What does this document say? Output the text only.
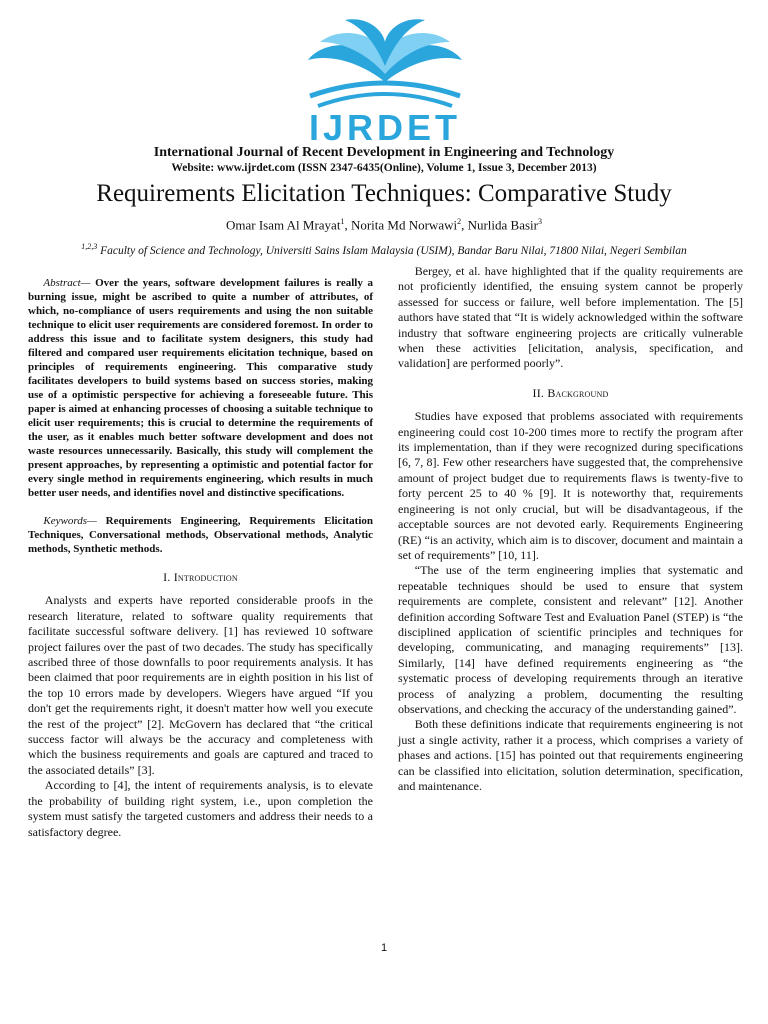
IJRDET
International Journal of Recent Development in Engineering and Technology
Website: www.ijrdet.com (ISSN 2347-6435(Online), Volume 1, Issue 3, December 2013)
Requirements Elicitation Techniques: Comparative Study
Omar Isam Al Mrayat$^1$, Norita Md Norwawi$^2$, Nurlida Basir$^3$
$^{1,2,3}$ Faculty of Science and Technology, Universiti Sains Islam Malaysia (USIM), Bandar Baru Nilai, 71800 Nilai, Negeri Sembilan

Abstract— Over the years, software development failures is really a burning issue, might be ascribed to quite a number of attributes, of which, no-compliance of users requirements and using the non suitable technique to elicit user requirements are considered foremost. In order to address this issue and to facilitate system designers, this study had filtered and compared user requirements elicitation technique, based on principles of requirements engineering. This comparative study facilitates developers to build systems based on success stories, making use of a optimistic perspective for achieving a foreseeable future. This paper is aimed at enhancing processes of choosing a suitable technique to elicit user requirements; this is crucial to determine the requirements of the user, as it enables much better software development and does not waste resources unnecessarily. Basically, this study will complement the present approaches, by representing a optimistic and potential factor for every single method in requirements engineering, which results in much better user needs, and identifies novel and distinctive specifications.

Keywords— Requirements Engineering, Requirements Elicitation Techniques, Conversational methods, Observational methods, Analytic methods, Synthetic methods.

I. Introduction

Analysts and experts have reported considerable proofs in the research literature, related to software quality requirements that facilitate successful software delivery. [1] has reviewed 10 software project failures over the past of two decades. The study has specifically ascribed three of those downfalls to poor requirements analysis. It has been claimed that poor requirements are in eighth position in his list of the top 10 errors made by developers. Wiegers have argued “If you don't get the requirements right, it doesn't matter how well you execute the rest of the project” [2]. McGovern has declared that “the critical success factor will always be the accuracy and completeness with which the business requirements and goals are captured and traced to the associated details” [3].

According to [4], the intent of requirements analysis, is to elevate the probability of building right system, i.e., upon completion the system must satisfy the targeted customers and address their needs to a satisfactory degree.

Bergey, et al. have highlighted that if the quality requirements are not proficiently identified, the ensuing system cannot be properly assessed for success or failure, well before implementation. The [5] authors have stated that “It is widely acknowledged within the software industry that software engineering projects are critically vulnerable when these activities [elicitation, analysis, specification, and validation] are performed poorly”.

II. Background

Studies have exposed that problems associated with requirements engineering could cost 10-200 times more to rectify the program after its implementation, than if they were recognized during specifications [6, 7, 8]. Few other researchers have suggested that, the comprehensive amount of project budget due to requirements flaws is twenty-five to forty percent 25 to 40 % [9]. It is noteworthy that, requirements engineering is not only crucial, but will be disadvantageous, if the acceptable sources are not devoted early. Requirements Engineering (RE) “is an activity, which aim is to discover, document and maintain a set of requirements” [10, 11].

“The use of the term engineering implies that systematic and repeatable techniques should be used to ensure that system requirements are complete, consistent and relevant” [12]. Another definition according Software Test and Evaluation Panel (STEP) is “the disciplined application of scientific principles and techniques for developing, communicating, and managing requirements” [13]. Similarly, [14] have defined requirements engineering as “the systematic process of developing requirements through an iterative process of analyzing a problem, documenting the resulting observations, and checking the accuracy of the understanding gained”.

Both these definitions indicate that requirements engineering is not just a single activity, rather it a process, which comprises a variety of phases and actions. [15] has pointed out that requirements engineering can be classified into elicitation, solution determination, specification, and maintenance.

1
